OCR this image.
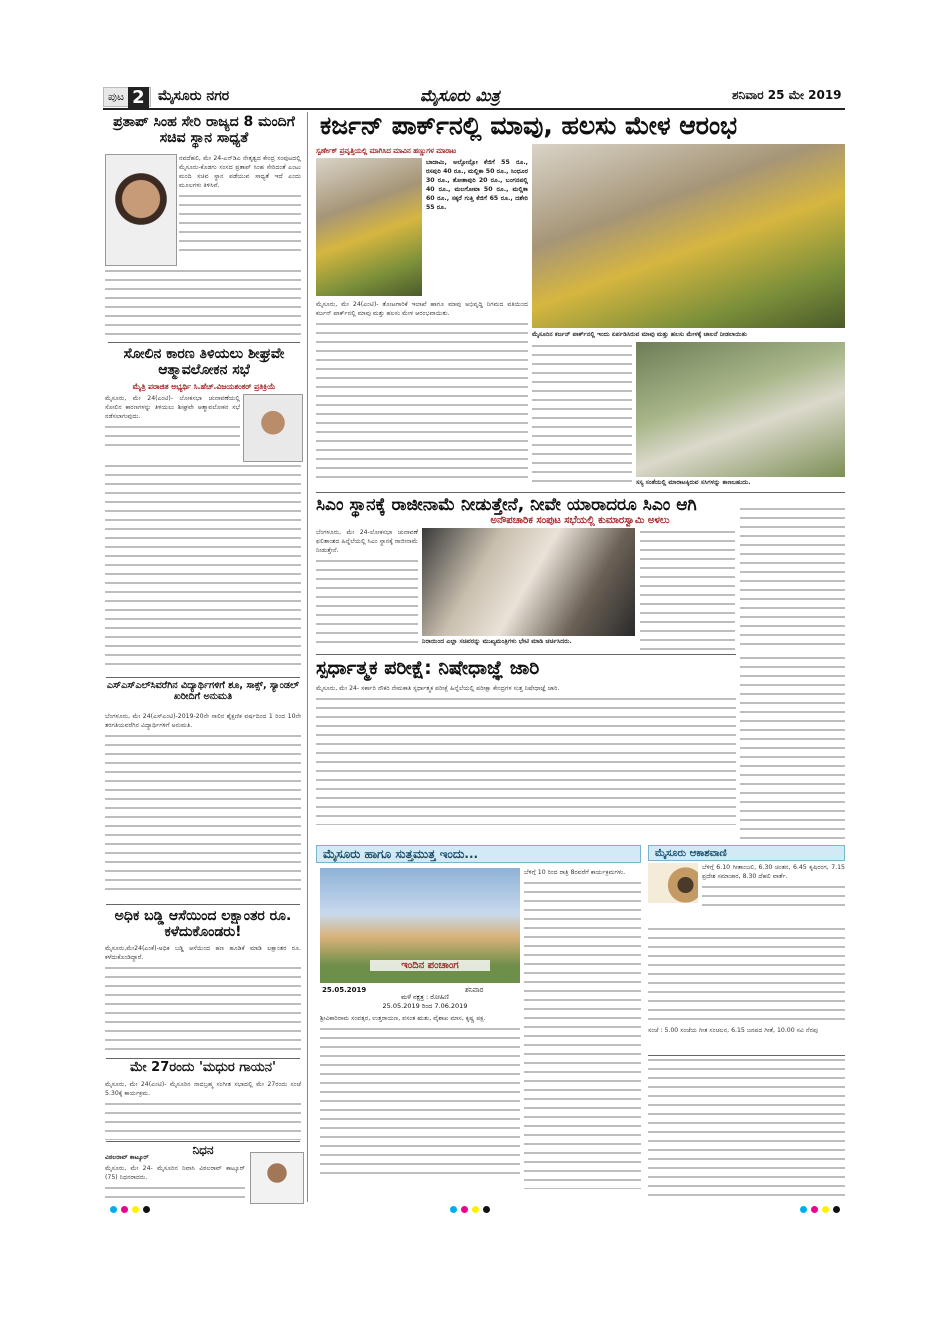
ಪುಟ 2 ಮೈಸೂರು ನಗರ	ಮೈಸೂರು ಮಿತ್ರ	ಶನಿವಾರ 25 ಮೇ 2019
ಪ್ರತಾಪ್ ಸಿಂಹ ಸೇರಿ ರಾಜ್ಯದ 8 ಮಂದಿಗೆ ಸಚಿವ ಸ್ಥಾನ ಸಾಧ್ಯತೆ

ನವದೆಹಲಿ, ಮೇ 24-ಎನ್‌ಡಿಎ ನೇತೃತ್ವದ ಕೇಂದ್ರ ಸಂಪುಟದಲ್ಲಿ ಮೈಸೂರು-ಕೊಡಗು ಸಂಸದ ಪ್ರತಾಪ್ ಸಿಂಹ ಸೇರಿದಂತೆ ಎಂಟು ಮಂದಿ ಸಚಿವ ಸ್ಥಾನ ಪಡೆಯುವ ಸಾಧ್ಯತೆ ಇದೆ ಎಂದು ಮೂಲಗಳು ತಿಳಿಸಿವೆ.

ಸೋಲಿನ ಕಾರಣ ತಿಳಿಯಲು ಶೀಘ್ರವೇ ಆತ್ಮಾವಲೋಕನ ಸಭೆ
ಮೈತ್ರಿ ಪರಾಜಿತ ಅಭ್ಯರ್ಥಿ ಸಿ.ಹೆಚ್.ವಿಜಯಶಂಕರ್ ಪ್ರತಿಕ್ರಿಯೆ

ಮೈಸೂರು, ಮೇ 24(ಎಂಟಿ)- ಲೋಕಸಭಾ ಚುನಾವಣೆಯಲ್ಲಿ ಸೋಲಿನ ಕಾರಣಗಳನ್ನು ತಿಳಿಯಲು ಶೀಘ್ರವೇ ಆತ್ಮಾವಲೋಕನ ಸಭೆ ನಡೆಸಲಾಗುವುದು.

ಎಸ್‌ಎಸ್‌ಎಲ್‌ಸಿವರೆಗಿನ ವಿದ್ಯಾರ್ಥಿಗಳಿಗೆ ಶೂ, ಸಾಕ್ಸ್, ಸ್ಯಾಂಡಲ್ ಖರೀದಿಗೆ ಅನುಮತಿ

ಬೆಂಗಳೂರು, ಮೇ 24(ಎಸ್‌ಎಂಟಿ)-2019-20ನೇ ಸಾಲಿನ ಶೈಕ್ಷಣಿಕ ವರ್ಷದಿಂದ 1 ರಿಂದ 10ನೇ ತರಗತಿಯವರೆಗಿನ ವಿದ್ಯಾರ್ಥಿಗಳಿಗೆ ಅನುಮತಿ.

ಅಧಿಕ ಬಡ್ಡಿ ಆಸೆಯಿಂದ ಲಕ್ಷಾಂತರ ರೂ. ಕಳೆದುಕೊಂಡರು!

ಮೈಸೂರು,ಮೇ24(ಎಂಕೆ)-ಅಧಿಕ ಬಡ್ಡಿ ಆಸೆಯಿಂದ ಹಣ ಹೂಡಿಕೆ ಮಾಡಿ ಲಕ್ಷಾಂತರ ರೂ. ಕಳೆದುಕೊಂಡಿದ್ದಾರೆ.

ಮೇ 27ರಂದು 'ಮಧುರ ಗಾಯನ'

ಮೈಸೂರು, ಮೇ 24(ಎಂಟಿ)- ಮೈಸೂರಿನ ನಾದಬ್ರಹ್ಮ ಸಂಗೀತ ಸಭಾದಲ್ಲಿ ಮೇ 27ರಂದು ಸಂಜೆ 5.30ಕ್ಕೆ ಕಾರ್ಯಕ್ರಮ.

ನಿಧನ

ವಿಠಲರಾವ್ ಕಾಟ್ಕೂರ್

ಮೈಸೂರು, ಮೇ 24- ಮೈಸೂರಿನ ನಿವಾಸಿ ವಿಠಲರಾವ್ ಕಾಟ್ಕೂರ್ (75) ನಿಧನರಾದರು.

ಕರ್ಜನ್ ಪಾರ್ಕ್‌ನಲ್ಲಿ ಮಾವು, ಹಲಸು ಮೇಳ ಆರಂಭ
ಸ್ವರ್ಣೇಕ್ ಪ್ರವೃತ್ತಿಯಲ್ಲಿ ಮಾಗಿಸಿದ ಮಾವಿನ ಹಣ್ಣುಗಳ ಮಾರಾಟ
ಬಾದಾಮಿ, ಅಲ್ಫೋನ್ಸೋ ಕೆಜಿಗೆ 55 ರೂ., ರಸಪುರಿ 40 ರೂ., ಮಲ್ಲಿಕಾ 50 ರೂ., ಸಿಂಧೂರ 30 ರೂ., ತೋತಾಪುರಿ 20 ರೂ., ಬಂಗನಪಲ್ಲಿ 40 ರೂ., ಮಲಗೋವಾ 50 ರೂ., ಮಲ್ಲಿಕಾ 60 ರೂ., ಸಕ್ಕರೆ ಗುತ್ತಿ ಕೆಜಿಗೆ 65 ರೂ., ದಶೇರಿ 55 ರೂ.
ಮೈಸೂರಿನ ಕರ್ಜನ್ ಪಾರ್ಕ್‌ನಲ್ಲಿ ಇಂದು ಏರ್ಪಡಿಸಿರುವ ಮಾವು ಮತ್ತು ಹಲಸು ಮೇಳಕ್ಕೆ ಚಾಲನೆ ನೀಡಲಾಯಿತು

ಮೈಸೂರು, ಮೇ 24(ಎಂಟಿ)- ತೋಟಗಾರಿಕೆ ಇಲಾಖೆ ಹಾಗೂ ಮಾವು ಅಭಿವೃದ್ಧಿ ನಿಗಮದ ವತಿಯಿಂದ ಕರ್ಜನ್ ಪಾರ್ಕ್‌ನಲ್ಲಿ ಮಾವು ಮತ್ತು ಹಲಸು ಮೇಳ ಆರಂಭವಾಯಿತು.

ಸಸ್ಯ ಸಂತೆಯಲ್ಲಿ ಮಾರಾಟಕ್ಕಿರುವ ಸಸಿಗಳನ್ನು ಕಾಣಬಹುದು.
ಸಿಎಂ ಸ್ಥಾನಕ್ಕೆ ರಾಜೀನಾಮೆ ನೀಡುತ್ತೇನೆ, ನೀವೇ ಯಾರಾದರೂ ಸಿಎಂ ಆಗಿ
ಅನೌಪಚಾರಿಕ ಸಂಪುಟ ಸಭೆಯಲ್ಲಿ ಕುಮಾರಸ್ವಾಮಿ ಅಳಲು

ಬೆಂಗಳೂರು, ಮೇ 24-ಲೋಕಸಭಾ ಚುನಾವಣೆ ಫಲಿತಾಂಶದ ಹಿನ್ನೆಲೆಯಲ್ಲಿ ಸಿಎಂ ಸ್ಥಾನಕ್ಕೆ ರಾಜೀನಾಮೆ ನೀಡುತ್ತೇನೆ.

ನಿರಾಯಿಂದ ಎಲ್ಲಾ ಸಚಿವರನ್ನು ಮುಖ್ಯಮಂತ್ರಿಗಳು ಭೇಟಿ ಮಾಡಿ ಚರ್ಚಿಸಿದರು.
ಸ್ಪರ್ಧಾತ್ಮಕ ಪರೀಕ್ಷೆ: ನಿಷೇಧಾಜ್ಞೆ ಜಾರಿ

ಮೈಸೂರು, ಮೇ 24- ಸರ್ಕಾರಿ ನೌಕರಿ ನೇಮಕಾತಿ ಸ್ಪರ್ಧಾತ್ಮಕ ಪರೀಕ್ಷೆ ಹಿನ್ನೆಲೆಯಲ್ಲಿ ಪರೀಕ್ಷಾ ಕೇಂದ್ರಗಳ ಸುತ್ತ ನಿಷೇಧಾಜ್ಞೆ ಜಾರಿ.

ಮೈಸೂರು ಹಾಗೂ ಸುತ್ತಮುತ್ತ ಇಂದು...
25.05.2019	ಶನಿವಾರ
ಮಳೆ ನಕ್ಷತ್ರ : ರೋಹಿಣಿ
25.05.2019 ರಿಂದ 7.06.2019
ಇಂದಿನ ಪಂಚಾಂಗ

ಶ್ರೀವಿಕಾರಿನಾಮ ಸಂವತ್ಸರ, ಉತ್ತರಾಯಣ, ವಸಂತ ಋತು, ವೈಶಾಖ ಮಾಸ, ಕೃಷ್ಣ ಪಕ್ಷ.

ಬೆಳಿಗ್ಗೆ 10 ರಿಂದ ರಾತ್ರಿ 8ರವರೆಗೆ ಕಾರ್ಯಕ್ರಮಗಳು.

ಮೈಸೂರು ಆಕಾಶವಾಣಿ

ಬೆಳಿಗ್ಗೆ 6.10 ಗೀತಾಂಜಲಿ, 6.30 ಚಿಂತನ, 6.45 ಕೃಷಿರಂಗ, 7.15 ಪ್ರದೇಶ ಸಮಾಚಾರ, 8.30 ದೆಹಲಿ ವಾರ್ತೆ.

ಸಂಜೆ : 5.00 ಸಂಜೆಯ ಗೀತ ಸಂಚಲನ, 6.15 ಜನಪದ ಗೀತೆ, 10.00 ಸವಿ ನೆನಪು
